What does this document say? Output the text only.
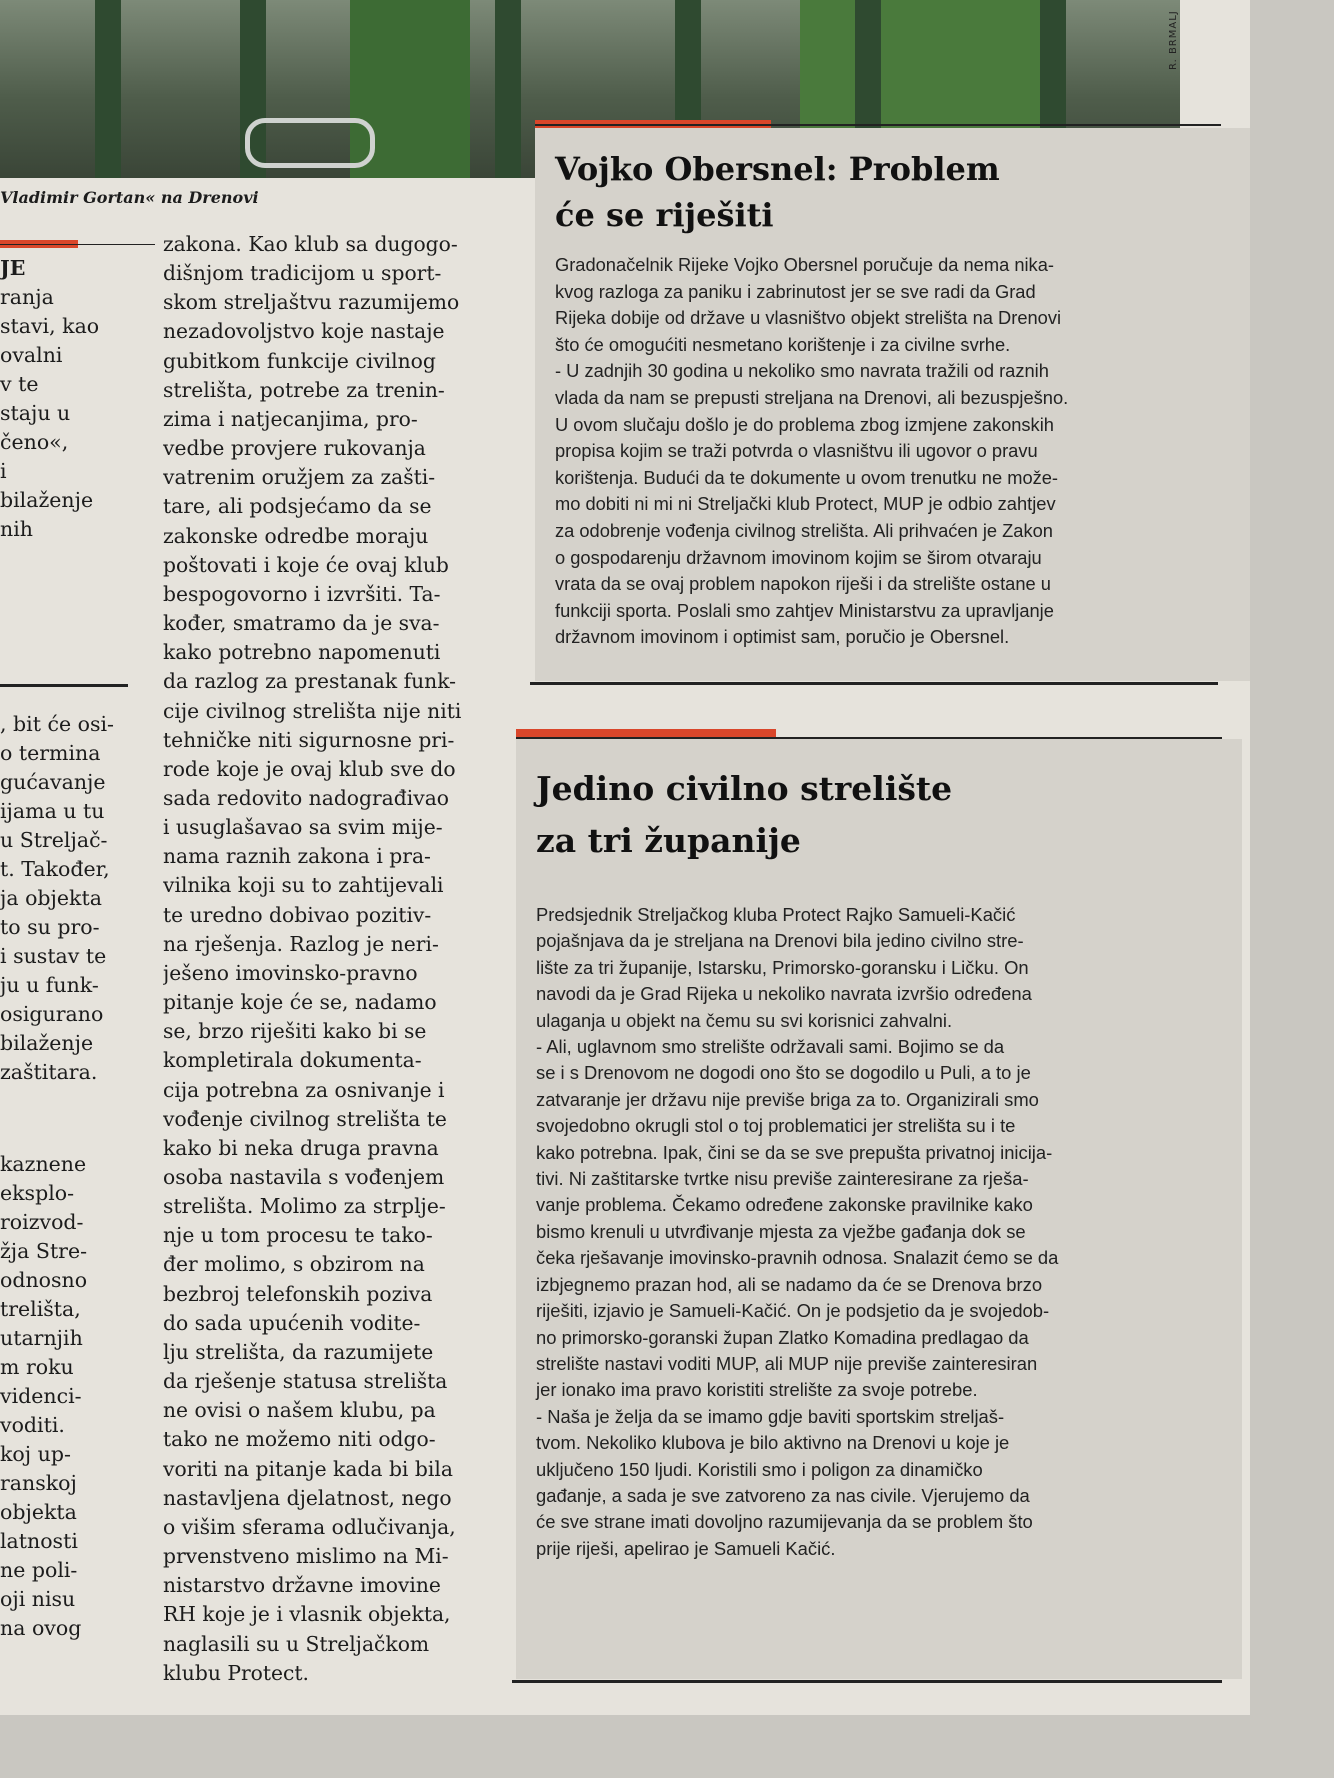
R. BRMALJ
Vladimir Gortan« na Drenovi

JE

ranja

stavi, kao

ovalni

v te

staju u

čeno«,

i

bilaženje

nih

, bit će osi-

o termina

gućavanje

ijama u tu

u Streljač-

t. Također,

ja objekta

to su pro-

i sustav te

ju u funk-

osigurano

bilaženje

zaštitara.

kaznene

eksplo-

roizvod-

žja Stre-

odnosno

trelišta,

utarnjih

m roku

videnci-

voditi.

koj up-

ranskoj

objekta

latnosti

ne poli-

oji nisu

na ovog

zakona. Kao klub sa dugogo-

dišnjom tradicijom u sport-

skom streljaštvu razumijemo

nezadovoljstvo koje nastaje

gubitkom funkcije civilnog

strelišta, potrebe za trenin-

zima i natjecanjima, pro-

vedbe provjere rukovanja

vatrenim oružjem za zašti-

tare, ali podsjećamo da se

zakonske odredbe moraju

poštovati i koje će ovaj klub

bespogovorno i izvršiti. Ta-

kođer, smatramo da je sva-

kako potrebno napomenuti

da razlog za prestanak funk-

cije civilnog strelišta nije niti

tehničke niti sigurnosne pri-

rode koje je ovaj klub sve do

sada redovito nadograđivao

i usuglašavao sa svim mije-

nama raznih zakona i pra-

vilnika koji su to zahtijevali

te uredno dobivao pozitiv-

na rješenja. Razlog je neri-

ješeno imovinsko-pravno

pitanje koje će se, nadamo

se, brzo riješiti kako bi se

kompletirala dokumenta-

cija potrebna za osnivanje i

vođenje civilnog strelišta te

kako bi neka druga pravna

osoba nastavila s vođenjem

strelišta. Molimo za strplje-

nje u tom procesu te tako-

đer molimo, s obzirom na

bezbroj telefonskih poziva

do sada upućenih vodite-

lju strelišta, da razumijete

da rješenje statusa strelišta

ne ovisi o našem klubu, pa

tako ne možemo niti odgo-

voriti na pitanje kada bi bila

nastavljena djelatnost, nego

o višim sferama odlučivanja,

prvenstveno mislimo na Mi-

nistarstvo državne imovine

RH koje je i vlasnik objekta,

naglasili su u Streljačkom

klubu Protect.

Vojko Obersnel: Problem
će se riješiti

Gradonačelnik Rijeke Vojko Obersnel poručuje da nema nika-

kvog razloga za paniku i zabrinutost jer se sve radi da Grad

Rijeka dobije od države u vlasništvo objekt strelišta na Drenovi

što će omogućiti nesmetano korištenje i za civilne svrhe.

- U zadnjih 30 godina u nekoliko smo navrata tražili od raznih

vlada da nam se prepusti streljana na Drenovi, ali bezuspješno.

U ovom slučaju došlo je do problema zbog izmjene zakonskih

propisa kojim se traži potvrda o vlasništvu ili ugovor o pravu

korištenja. Budući da te dokumente u ovom trenutku ne može-

mo dobiti ni mi ni Streljački klub Protect, MUP je odbio zahtjev

za odobrenje vođenja civilnog strelišta. Ali prihvaćen je Zakon

o gospodarenju državnom imovinom kojim se širom otvaraju

vrata da se ovaj problem napokon riješi i da strelište ostane u

funkciji sporta. Poslali smo zahtjev Ministarstvu za upravljanje

državnom imovinom i optimist sam, poručio je Obersnel.

Jedino civilno strelište
za tri županije

Predsjednik Streljačkog kluba Protect Rajko Samueli-Kačić

pojašnjava da je streljana na Drenovi bila jedino civilno stre-

lište za tri županije, Istarsku, Primorsko-goransku i Ličku. On

navodi da je Grad Rijeka u nekoliko navrata izvršio određena

ulaganja u objekt na čemu su svi korisnici zahvalni.

- Ali, uglavnom smo strelište održavali sami. Bojimo se da

se i s Drenovom ne dogodi ono što se dogodilo u Puli, a to je

zatvaranje jer državu nije previše briga za to. Organizirali smo

svojedobno okrugli stol o toj problematici jer strelišta su i te

kako potrebna. Ipak, čini se da se sve prepušta privatnoj inicija-

tivi. Ni zaštitarske tvrtke nisu previše zainteresirane za rješa-

vanje problema. Čekamo određene zakonske pravilnike kako

bismo krenuli u utvrđivanje mjesta za vježbe gađanja dok se

čeka rješavanje imovinsko-pravnih odnosa. Snalazit ćemo se da

izbjegnemo prazan hod, ali se nadamo da će se Drenova brzo

riješiti, izjavio je Samueli-Kačić. On je podsjetio da je svojedob-

no primorsko-goranski župan Zlatko Komadina predlagao da

strelište nastavi voditi MUP, ali MUP nije previše zainteresiran

jer ionako ima pravo koristiti strelište za svoje potrebe.

- Naša je želja da se imamo gdje baviti sportskim streljaš-

tvom. Nekoliko klubova je bilo aktivno na Drenovi u koje je

uključeno 150 ljudi. Koristili smo i poligon za dinamičko

gađanje, a sada je sve zatvoreno za nas civile. Vjerujemo da

će sve strane imati dovoljno razumijevanja da se problem što

prije riješi, apelirao je Samueli Kačić.
